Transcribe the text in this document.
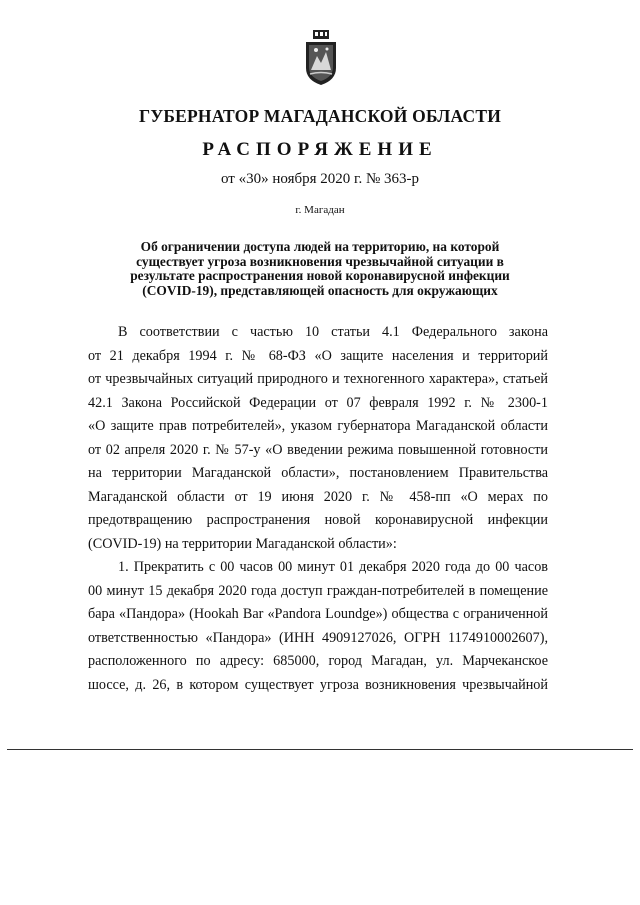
ГУБЕРНАТОР МАГАДАНСКОЙ ОБЛАСТИ
РАСПОРЯЖЕНИЕ
от «30» ноября 2020 г. № 363-р
г. Магадан
Об ограничении доступа людей на территорию, на которой
существует угроза возникновения чрезвычайной ситуации в
результате распространения новой коронавирусной инфекции
(COVID-19), представляющей опасность для окружающих
В соответствии с частью 10 статьи 4.1 Федерального закона
от 21 декабря 1994 г. № 68-ФЗ «О защите населения и территорий
от чрезвычайных ситуаций природного и техногенного характера», статьей
42.1 Закона Российской Федерации от 07 февраля 1992 г. № 2300-1
«О защите прав потребителей», указом губернатора Магаданской области
от 02 апреля 2020 г. № 57-у «О введении режима повышенной готовности
на территории Магаданской области», постановлением Правительства
Магаданской области от 19 июня 2020 г. № 458-пп «О мерах по
предотвращению распространения новой коронавирусной инфекции
(COVID-19) на территории Магаданской области»:
1. Прекратить с 00 часов 00 минут 01 декабря 2020 года до 00 часов
00 минут 15 декабря 2020 года доступ граждан-потребителей в помещение
бара «Пандора» (Hookah Bar «Pandora Loundge») общества с ограниченной
ответственностью «Пандора» (ИНН 4909127026, ОГРН 1174910002607),
расположенного по адресу: 685000, город Магадан, ул. Марчеканское
шоссе, д. 26, в котором существует угроза возникновения чрезвычайной
